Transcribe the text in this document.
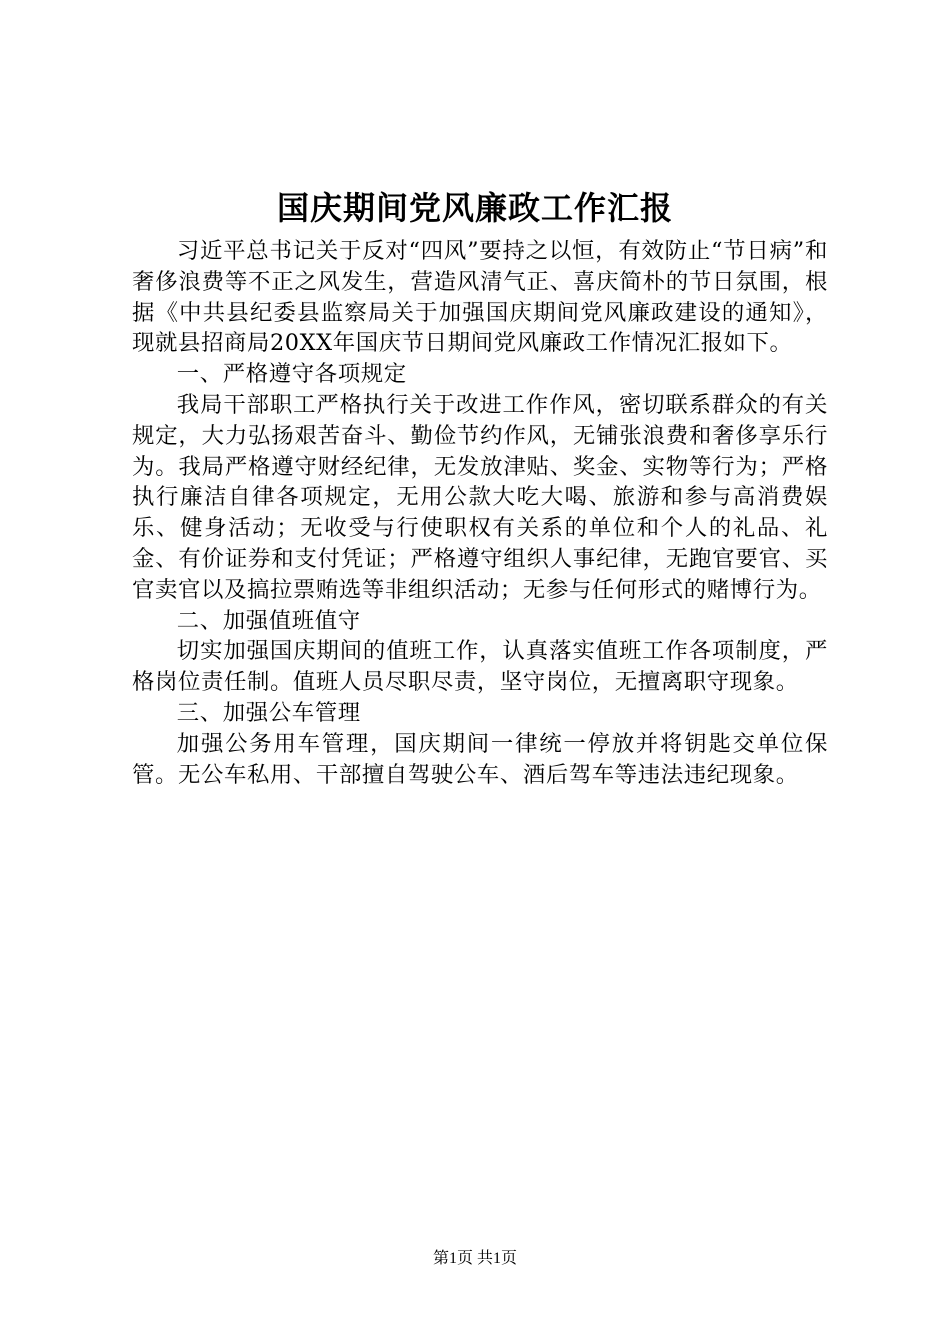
国庆期间党风廉政工作汇报

习近平总书记关于反对“四风”要持之以恒，有效防止“节日病”和奢侈浪费等不正之风发生，营造风清气正、喜庆简朴的节日氛围，根据《中共县纪委县监察局关于加强国庆期间党风廉政建设的通知》，现就县招商局20XX年国庆节日期间党风廉政工作情况汇报如下。

一、严格遵守各项规定

我局干部职工严格执行关于改进工作作风，密切联系群众的有关规定，大力弘扬艰苦奋斗、勤俭节约作风，无铺张浪费和奢侈享乐行为。我局严格遵守财经纪律，无发放津贴、奖金、实物等行为；严格执行廉洁自律各项规定，无用公款大吃大喝、旅游和参与高消费娱乐、健身活动；无收受与行使职权有关系的单位和个人的礼品、礼金、有价证券和支付凭证；严格遵守组织人事纪律，无跑官要官、买官卖官以及搞拉票贿选等非组织活动；无参与任何形式的赌博行为。

二、加强值班值守

切实加强国庆期间的值班工作，认真落实值班工作各项制度，严格岗位责任制。值班人员尽职尽责，坚守岗位，无擅离职守现象。

三、加强公车管理

加强公务用车管理，国庆期间一律统一停放并将钥匙交单位保管。无公车私用、干部擅自驾驶公车、酒后驾车等违法违纪现象。

第1页 共1页
